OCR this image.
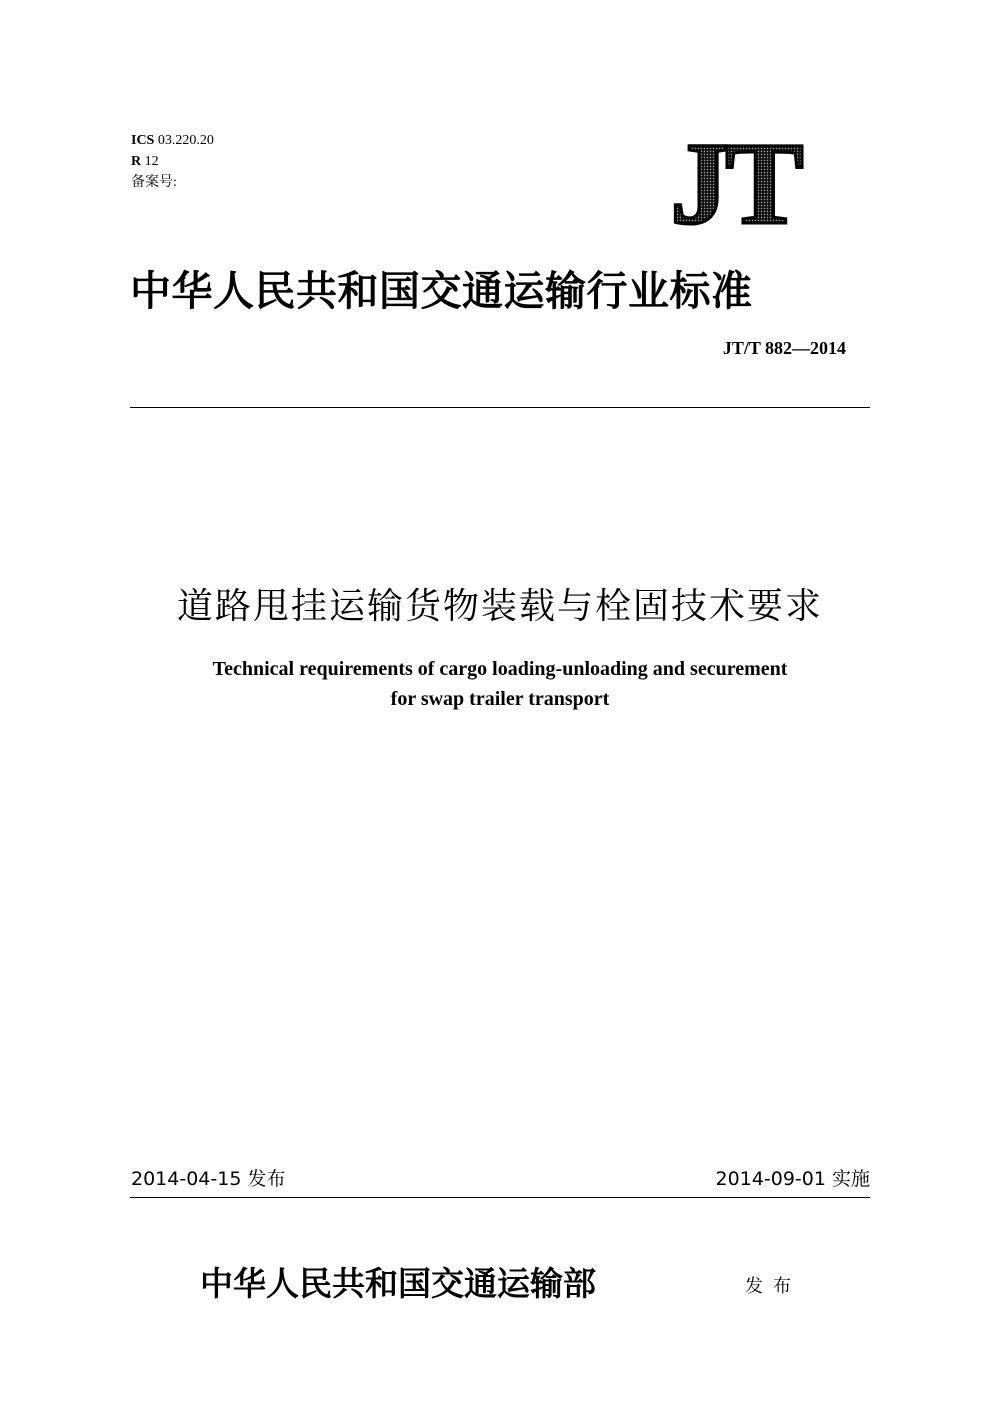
ICS 03.220.20
R 12
备案号:	JT
中华人民共和国交通运输行业标准
JT/T 882—2014
道路甩挂运输货物装载与栓固技术要求
Technical requirements of cargo loading-unloading and securement
for swap trailer transport
2014-04-15 发布	2014-09-01 实施
中华人民共和国交通运输部	发布
